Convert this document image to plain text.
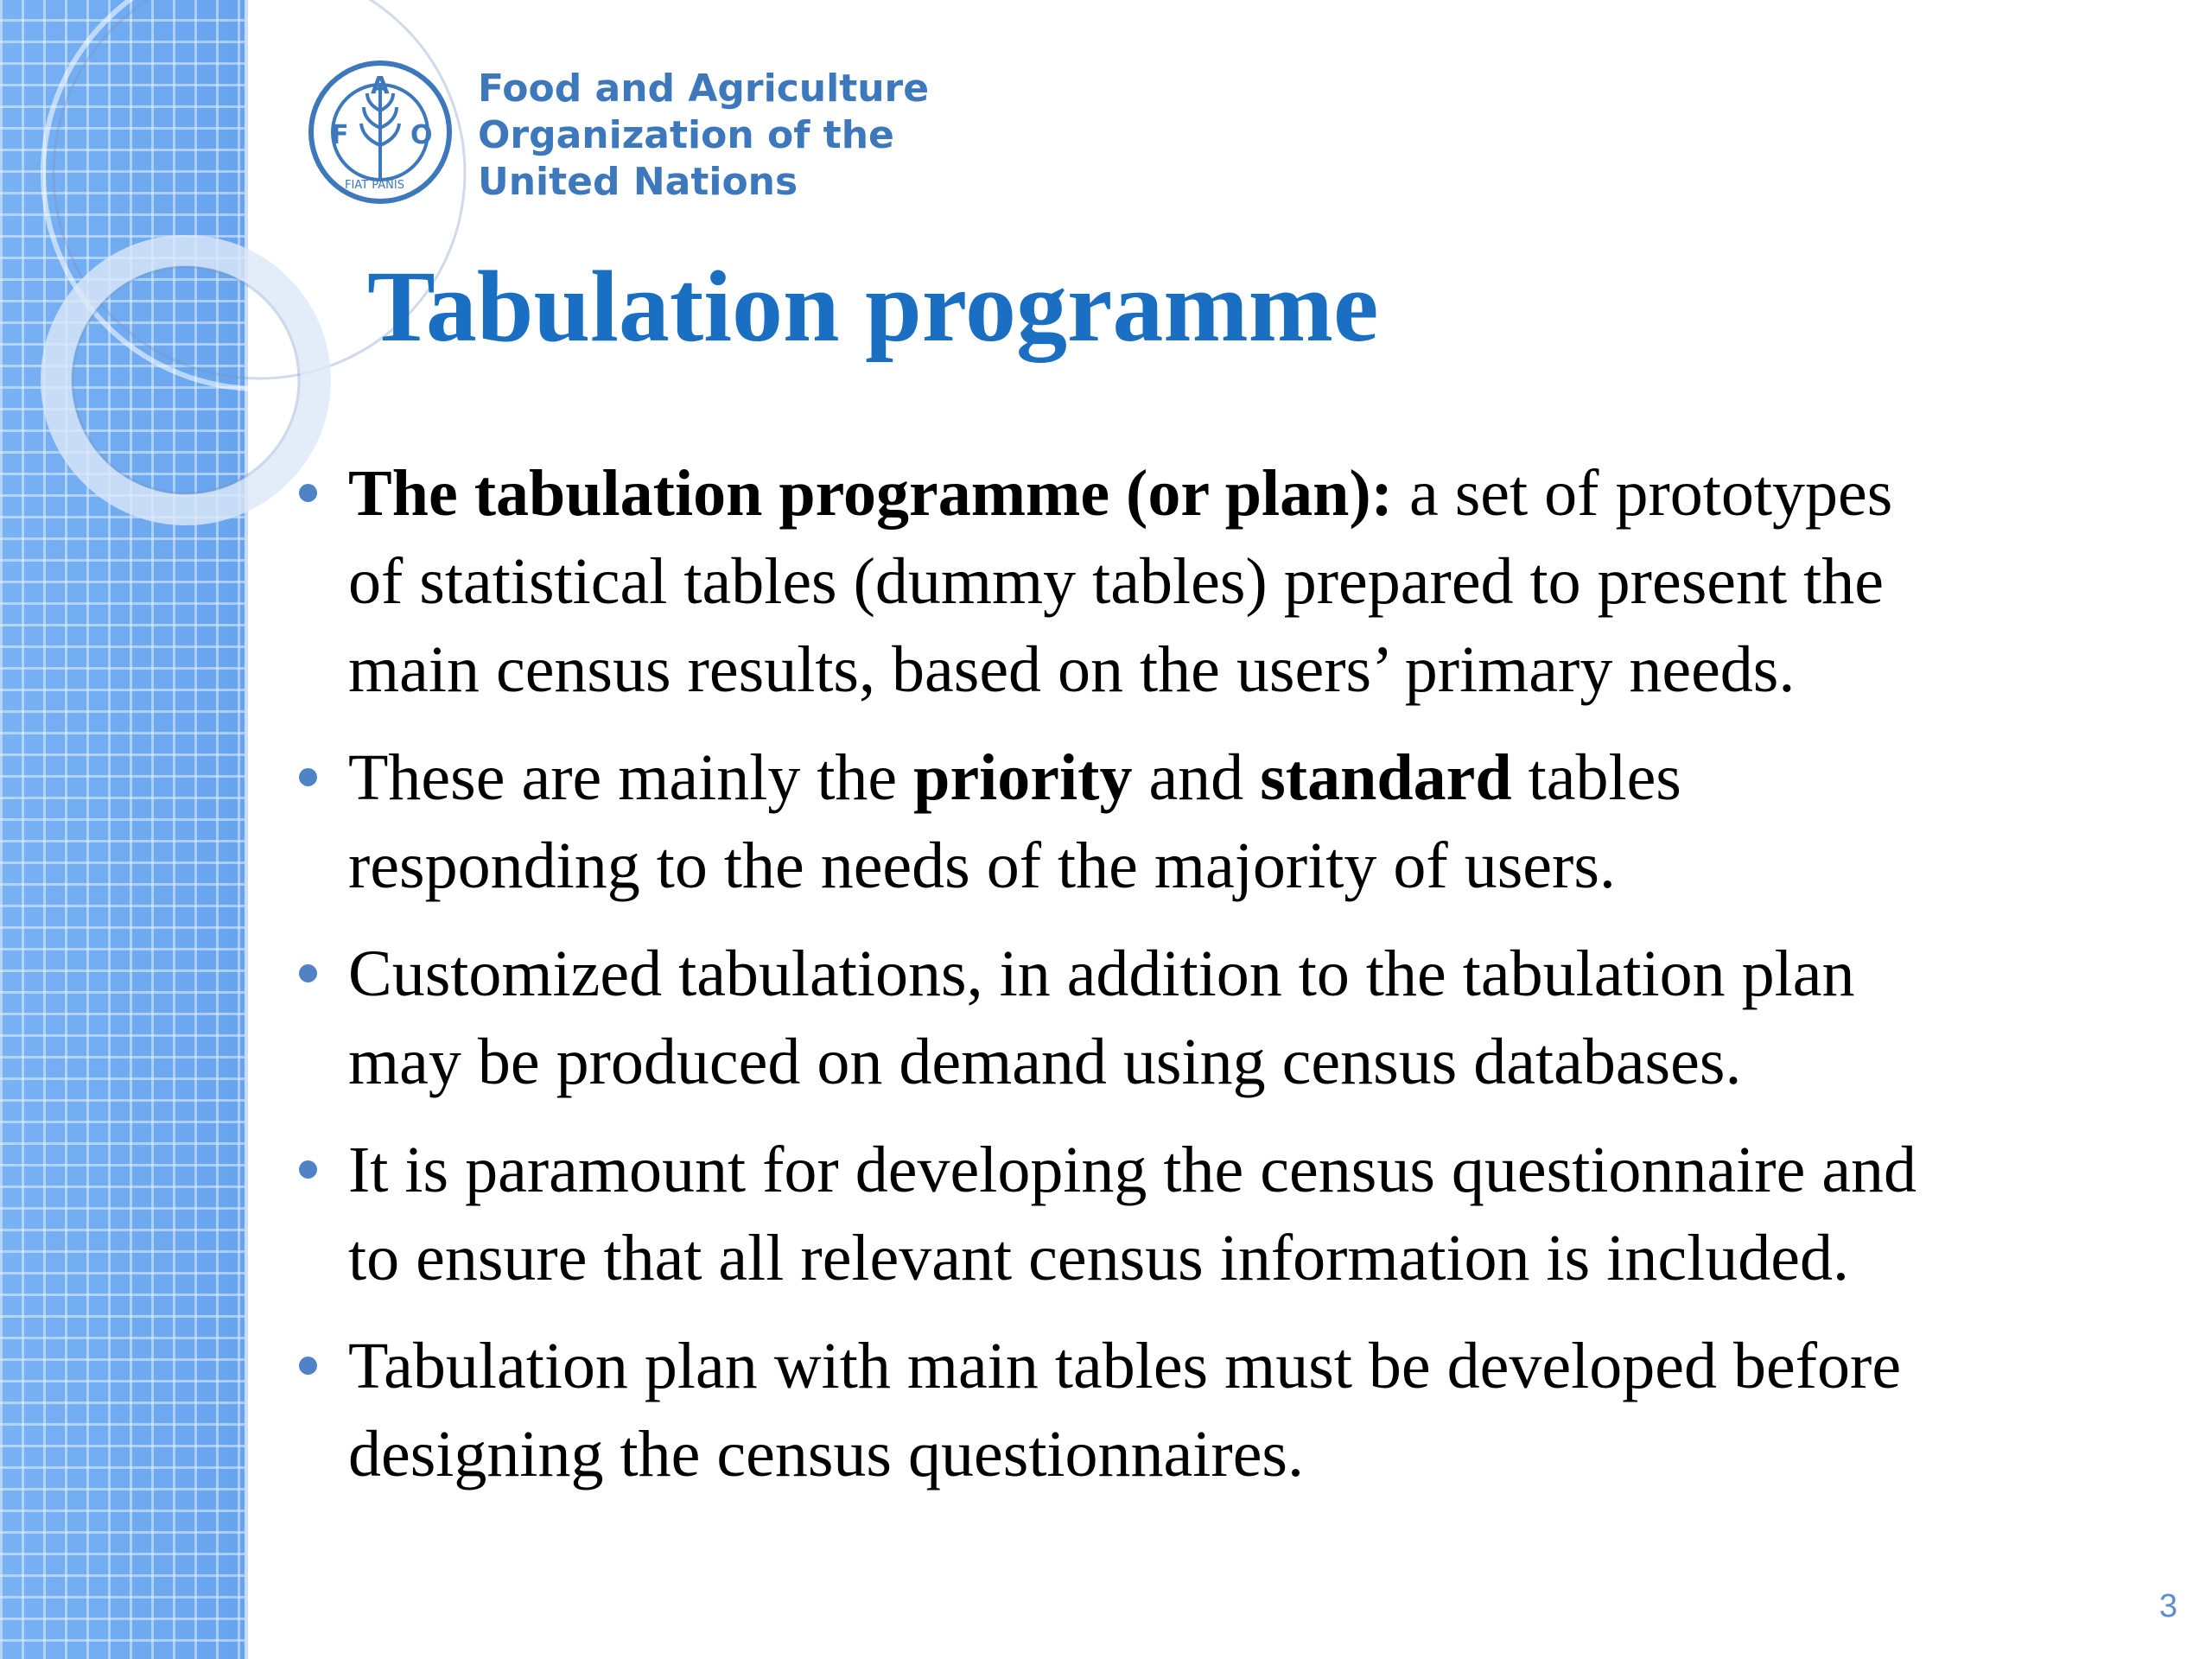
F
A
O
FIAT PANIS
Food and Agriculture
Organization of the
United Nations
Tabulation programme
The tabulation programme (or plan): a set of prototypes
of statistical tables (dummy tables) prepared to present the
main census results, based on the users’ primary needs.
These are mainly the priority and standard tables
responding to the needs of the majority of users.
Customized tabulations, in addition to the tabulation plan
may be produced on demand using census databases.
It is paramount for developing the census questionnaire and
to ensure that all relevant census information is included.
Tabulation plan with main tables must be developed before
designing the census questionnaires.
3
